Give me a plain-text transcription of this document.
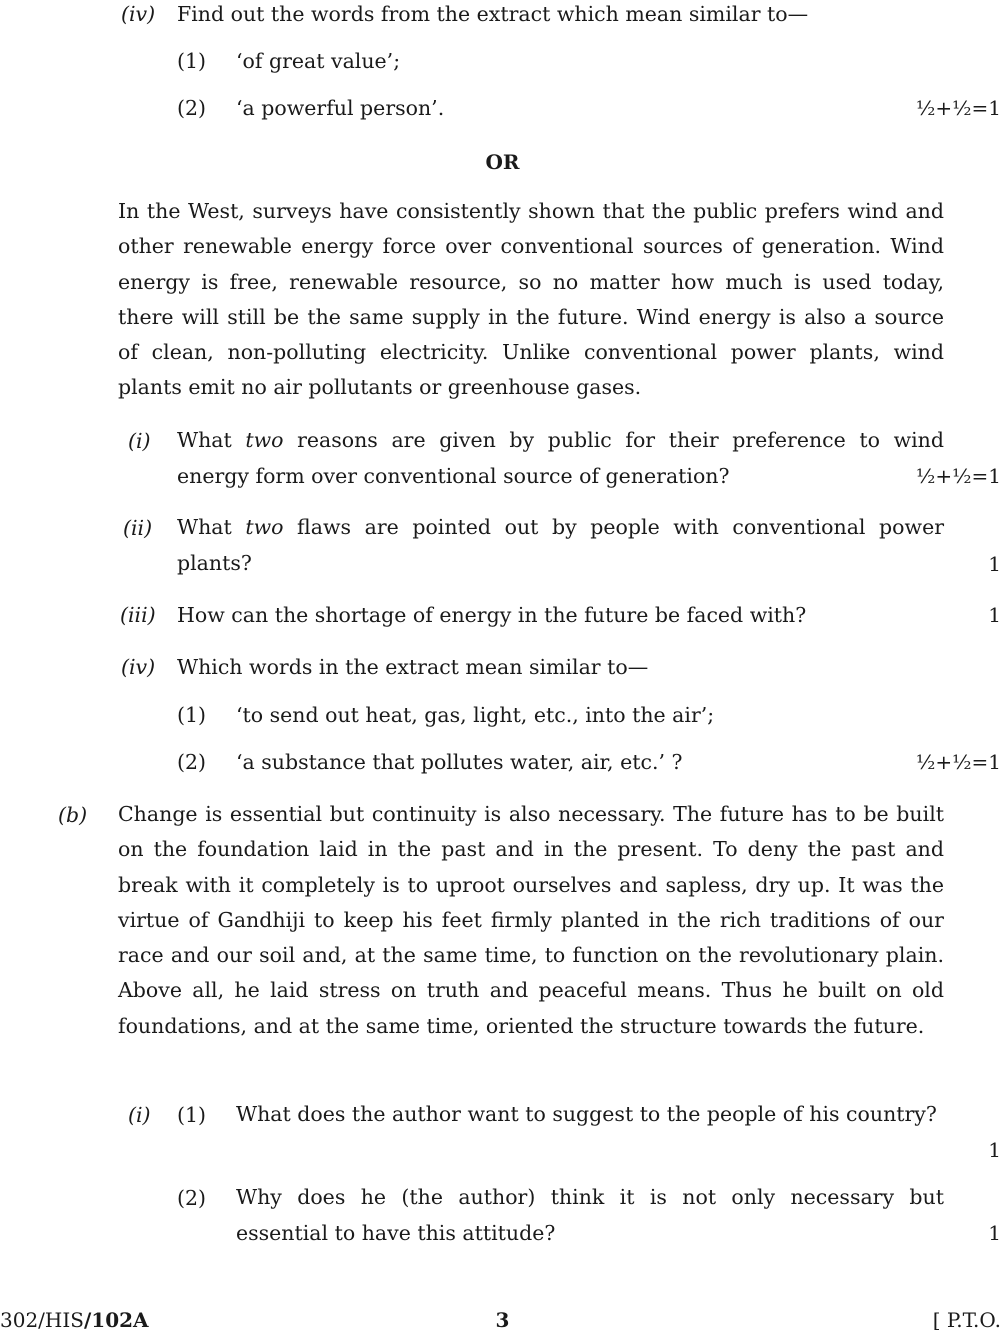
(iv) Find out the words from the extract which mean similar to—
(1) ‘of great value’;
(2) ‘a powerful person’.	½+½=1
OR
In the West, surveys have consistently shown that the public prefers wind and other renewable energy force over conventional sources of generation. Wind energy is free, renewable resource, so no matter how much is used today, there will still be the same supply in the future. Wind energy is also a source of clean, non-polluting electricity. Unlike conventional power plants, wind plants emit no air pollutants or greenhouse gases.
(i) What two reasons are given by public for their preference to wind energy form over conventional source of generation?	½+½=1
(ii) What two flaws are pointed out by people with conventional power plants?	1
(iii) How can the shortage of energy in the future be faced with?	1
(iv) Which words in the extract mean similar to—
(1) ‘to send out heat, gas, light, etc., into the air’;
(2) ‘a substance that pollutes water, air, etc.’ ?	½+½=1
(b) Change is essential but continuity is also necessary. The future has to be built on the foundation laid in the past and in the present. To deny the past and break with it completely is to uproot ourselves and sapless, dry up. It was the virtue of Gandhiji to keep his feet firmly planted in the rich traditions of our race and our soil and, at the same time, to function on the revolutionary plain. Above all, he laid stress on truth and peaceful means. Thus he built on old foundations, and at the same time, oriented the structure towards the future.
(i) (1) What does the author want to suggest to the people of his country?
1
(2) Why does he (the author) think it is not only necessary but essential to have this attitude?	1
302/HIS/102A	3	[ P.T.O.
